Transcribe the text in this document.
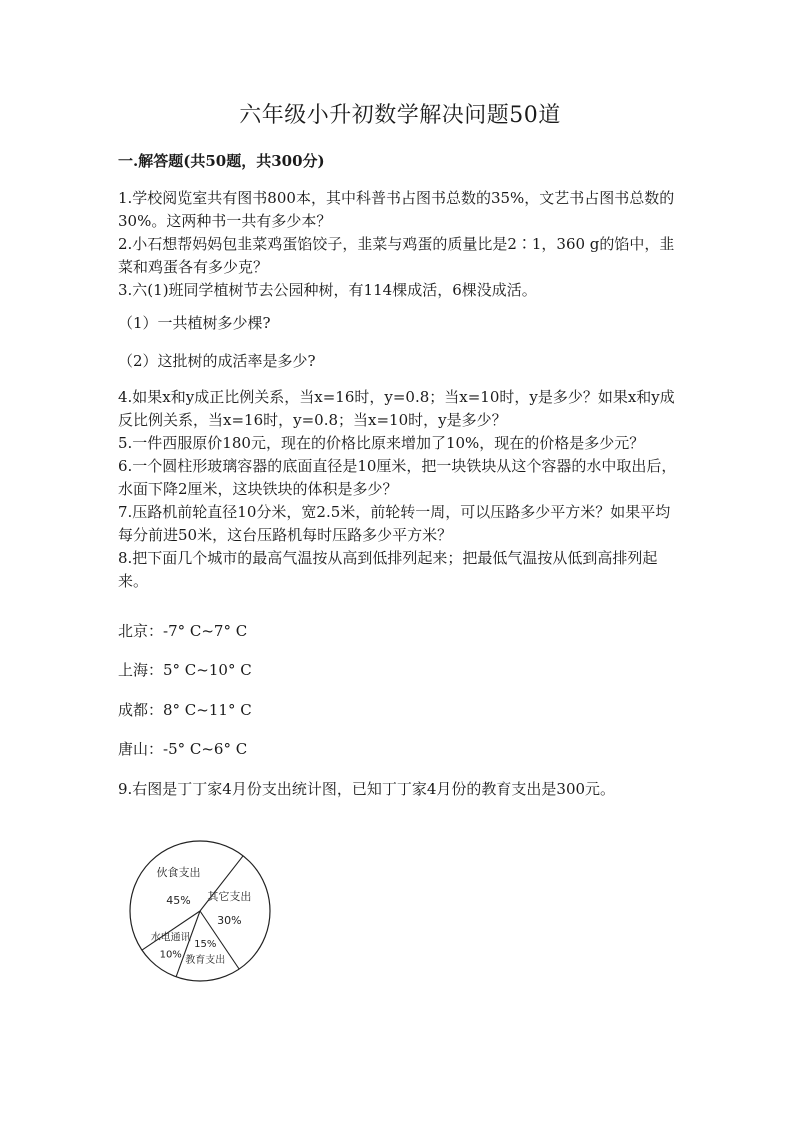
六年级小升初数学解决问题50道
一.解答题(共50题，共300分)
1.学校阅览室共有图书800本，其中科普书占图书总数的35%，文艺书占图书总数的30%。这两种书一共有多少本？
2.小石想帮妈妈包韭菜鸡蛋馅饺子，韭菜与鸡蛋的质量比是2∶1，360 g的馅中，韭菜和鸡蛋各有多少克？
3.六(1)班同学植树节去公园种树，有114棵成活，6棵没成活。
（1）一共植树多少棵?
（2）这批树的成活率是多少?
4.如果x和y成正比例关系，当x=16时，y=0.8；当x=10时，y是多少？如果x和y成反比例关系，当x=16时，y=0.8；当x=10时，y是多少？
5.一件西服原价180元，现在的价格比原来增加了10%，现在的价格是多少元？
6.一个圆柱形玻璃容器的底面直径是10厘米，把一块铁块从这个容器的水中取出后，水面下降2厘米，这块铁块的体积是多少？
7.压路机前轮直径10分米，宽2.5米，前轮转一周，可以压路多少平方米？如果平均每分前进50米，这台压路机每时压路多少平方米？
8.把下面几个城市的最高气温按从高到低排列起来；把最低气温按从低到高排列起来。
北京：-7° C~7° C
上海：5° C~10° C
成都：8° C~11° C
唐山：-5° C~6° C
9.右图是丁丁家4月份支出统计图，已知丁丁家4月份的教育支出是300元。
其它支出
30%
15%
教育支出
水电通讯
10%
伙食支出
45%
